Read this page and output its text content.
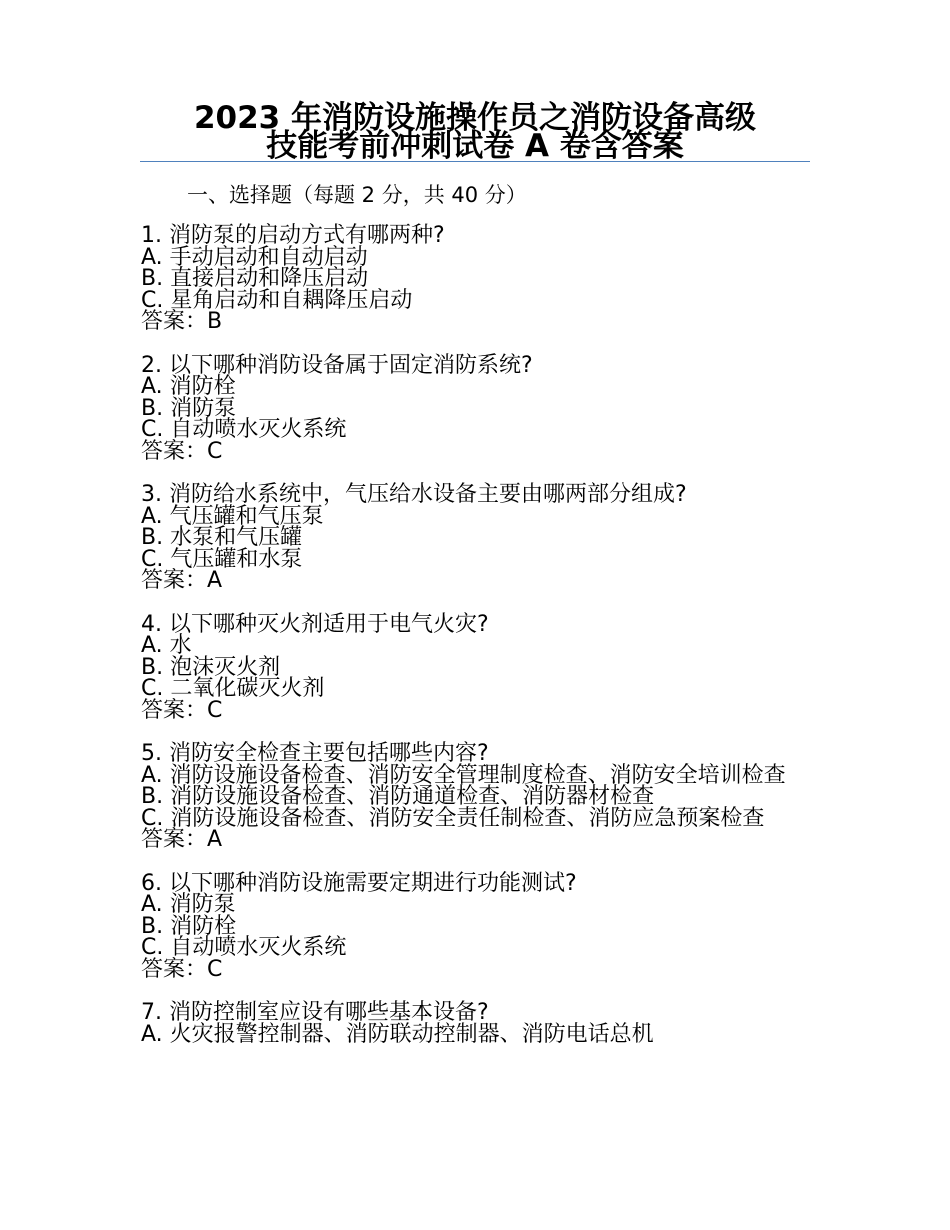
2023 年消防设施操作员之消防设备高级
技能考前冲刺试卷 A 卷含答案
一、选择题（每题 2 分，共 40 分）
1. 消防泵的启动方式有哪两种?
A. 手动启动和自动启动
B. 直接启动和降压启动
C. 星角启动和自耦降压启动
答案：B
2. 以下哪种消防设备属于固定消防系统?
A. 消防栓
B. 消防泵
C. 自动喷水灭火系统
答案：C
3. 消防给水系统中，气压给水设备主要由哪两部分组成?
A. 气压罐和气压泵
B. 水泵和气压罐
C. 气压罐和水泵
答案：A
4. 以下哪种灭火剂适用于电气火灾?
A. 水
B. 泡沫灭火剂
C. 二氧化碳灭火剂
答案：C
5. 消防安全检查主要包括哪些内容?
A. 消防设施设备检查、消防安全管理制度检查、消防安全培训检查
B. 消防设施设备检查、消防通道检查、消防器材检查
C. 消防设施设备检查、消防安全责任制检查、消防应急预案检查
答案：A
6. 以下哪种消防设施需要定期进行功能测试?
A. 消防泵
B. 消防栓
C. 自动喷水灭火系统
答案：C
7. 消防控制室应设有哪些基本设备?
A. 火灾报警控制器、消防联动控制器、消防电话总机
